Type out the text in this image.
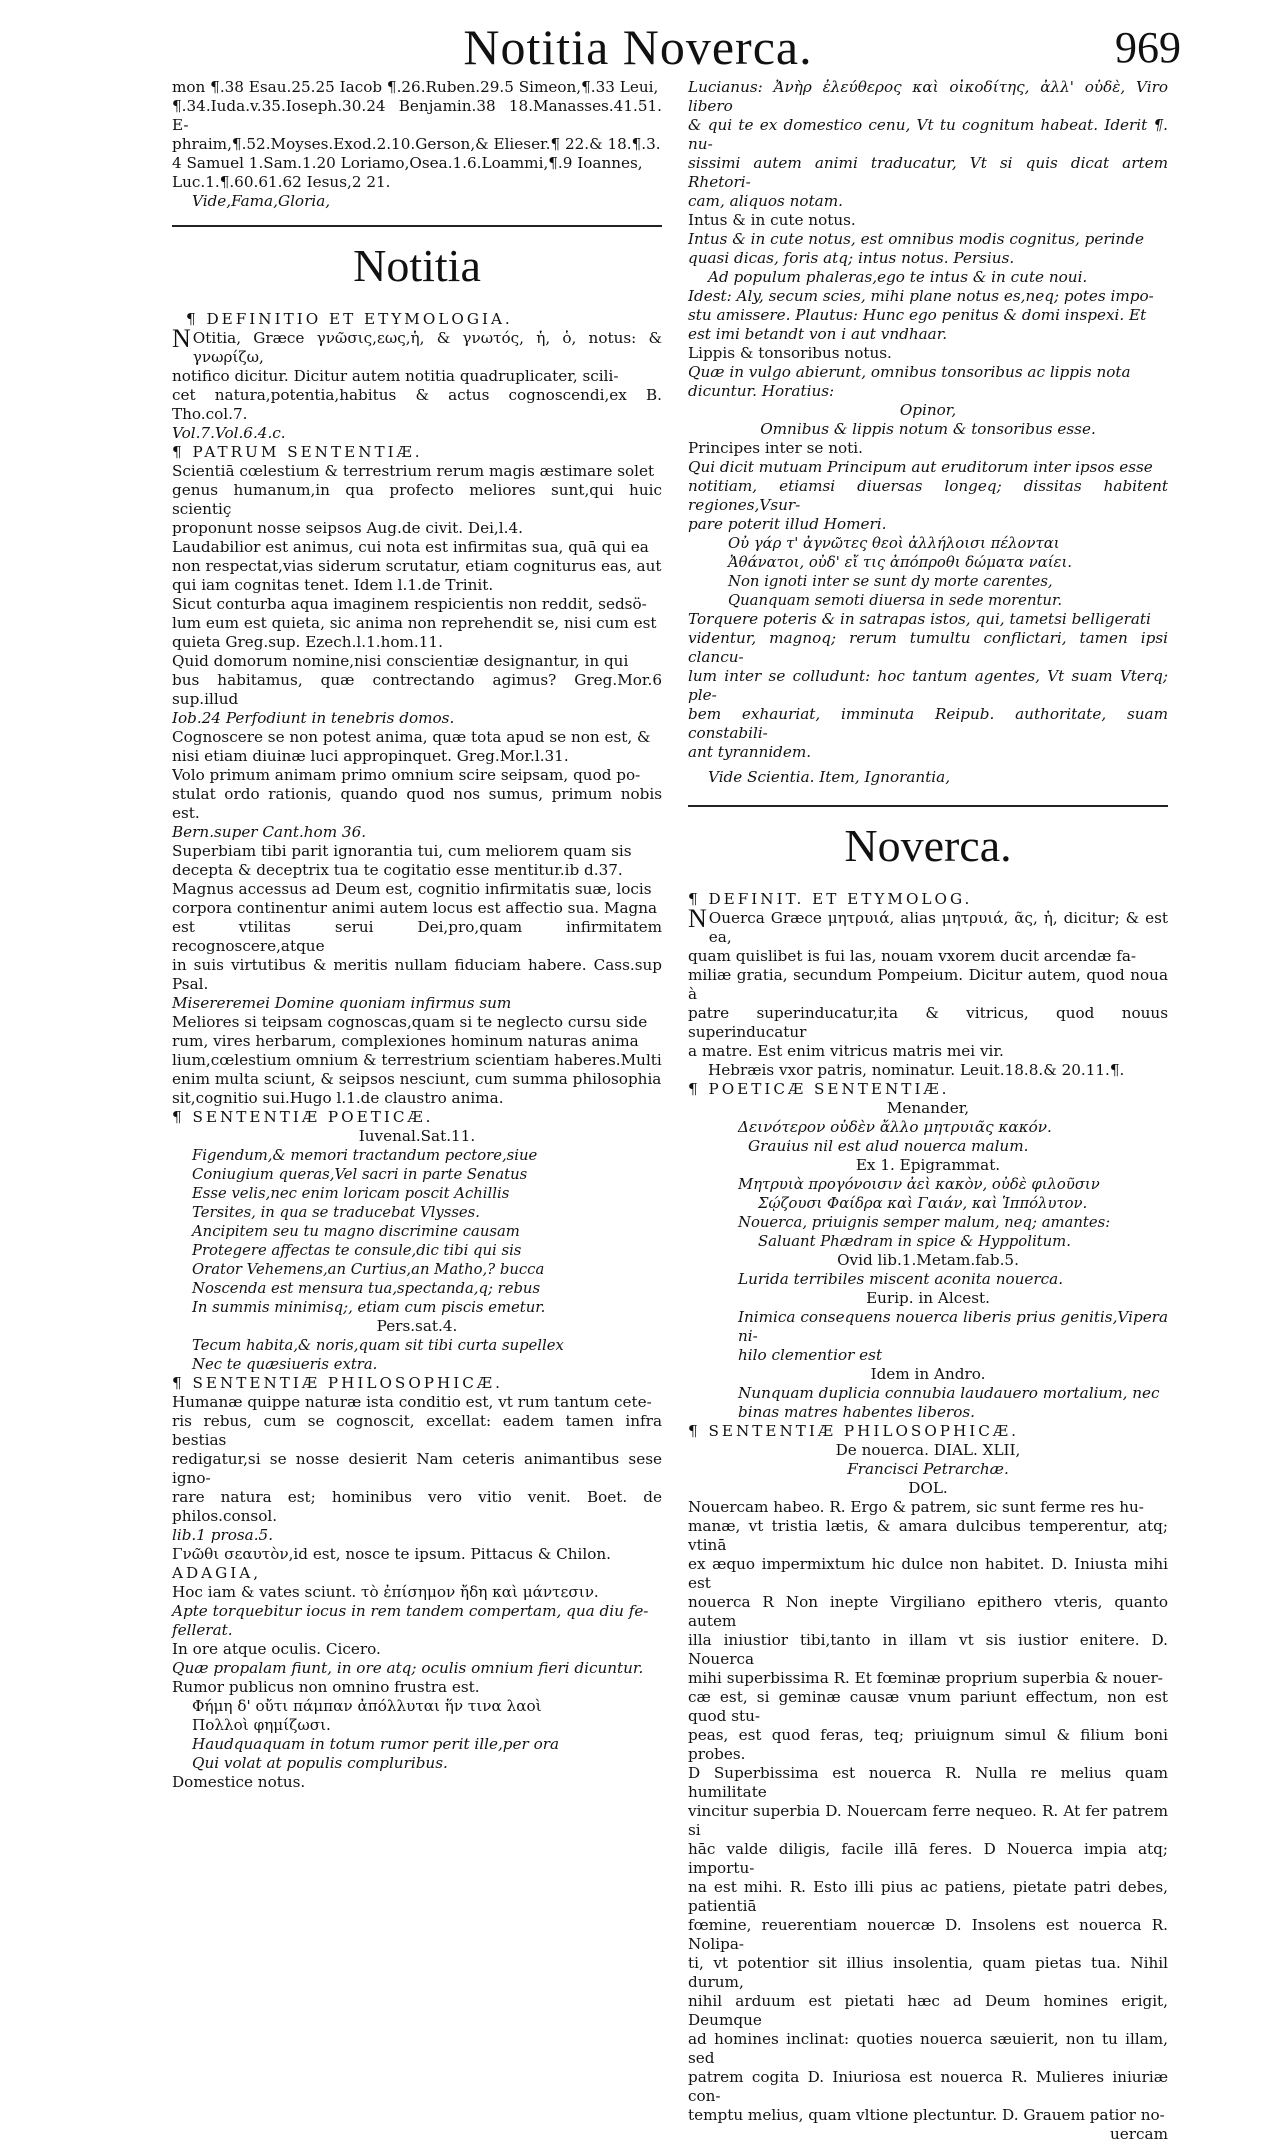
Notitia Noverca.	969

mon ¶.38 Esau.25.25 Iacob ¶.26.Ruben.29.5 Simeon,¶.33 Leui,

¶.34.Iuda.v.35.Ioseph.30.24 Benjamin.38 18.Manasses.41.51. E-

phraim,¶.52.Moyses.Exod.2.10.Gerson,& Elieser.¶ 22.& 18.¶.3.

4 Samuel 1.Sam.1.20 Loriamo,Osea.1.6.Loammi,¶.9 Ioannes,

Luc.1.¶.60.61.62 Iesus,2 21.

Vide,Fama,Gloria,

Notitia

¶ DEFINITIO ET ETYMOLOGIA.

N Otitia, Græce γνῶσις,εως,ἡ, & γνωτός, ἡ, ὁ, notus: & γνωρίζω,

notifico dicitur. Dicitur autem notitia quadruplicater, scili-

cet natura,potentia,habitus & actus cognoscendi,ex B. Tho.col.7.

Vol.7.Vol.6.4.c.

¶ PATRUM SENTENTIÆ.

Scientiā cœlestium & terrestrium rerum magis æstimare solet

genus humanum,in qua profecto meliores sunt,qui huic scientiç

proponunt nosse seipsos Aug.de civit. Dei,l.4.

Laudabilior est animus, cui nota est infirmitas sua, quā qui ea

non respectat,vias siderum scrutatur, etiam cogniturus eas, aut

qui iam cognitas tenet. Idem l.1.de Trinit.

Sicut conturba aqua imaginem respicientis non reddit, sedsö-

lum eum est quieta, sic anima non reprehendit se, nisi cum est

quieta Greg.sup. Ezech.l.1.hom.11.

Quid domorum nomine,nisi conscientiæ designantur, in qui

bus habitamus, quæ contrectando agimus? Greg.Mor.6 sup.illud

Iob.24 Perfodiunt in tenebris domos.

Cognoscere se non potest anima, quæ tota apud se non est, &

nisi etiam diuinæ luci appropinquet. Greg.Mor.l.31.

Volo primum animam primo omnium scire seipsam, quod po-

stulat ordo rationis, quando quod nos sumus, primum nobis est.

Bern.super Cant.hom 36.

Superbiam tibi parit ignorantia tui, cum meliorem quam sis

decepta & deceptrix tua te cogitatio esse mentitur.ib d.37.

Magnus accessus ad Deum est, cognitio infirmitatis suæ, locis

corpora continentur animi autem locus est affectio sua. Magna

est vtilitas serui Dei,pro,quam infirmitatem recognoscere,atque

in suis virtutibus & meritis nullam fiduciam habere. Cass.sup Psal.

Misereremei Domine quoniam infirmus sum

Meliores si teipsam cognoscas,quam si te neglecto cursu side

rum, vires herbarum, complexiones hominum naturas anima

lium,cœlestium omnium & terrestrium scientiam haberes.Multi

enim multa sciunt, & seipsos nesciunt, cum summa philosophia

sit,cognitio sui.Hugo l.1.de claustro anima.

¶ SENTENTIÆ POETICÆ.

Iuvenal.Sat.11.

Figendum,& memori tractandum pectore,siue

Coniugium queras,Vel sacri in parte Senatus

Esse velis,nec enim loricam poscit Achillis

Tersites, in qua se traducebat Vlysses.

Ancipitem seu tu magno discrimine causam

Protegere affectas te consule,dic tibi qui sis

Orator Vehemens,an Curtius,an Matho,? bucca

Noscenda est mensura tua,spectanda,q; rebus

In summis minimisq;, etiam cum piscis emetur.

Pers.sat.4.

Tecum habita,& noris,quam sit tibi curta supellex

Nec te quæsiueris extra.

¶ SENTENTIÆ PHILOSOPHICÆ.

Humanæ quippe naturæ ista conditio est, vt rum tantum cete-

ris rebus, cum se cognoscit, excellat: eadem tamen infra bestias

redigatur,si se nosse desierit Nam ceteris animantibus sese igno-

rare natura est; hominibus vero vitio venit. Boet. de philos.consol.

lib.1 prosa.5.

Γνῶθι σεαυτὸν,id est, nosce te ipsum. Pittacus & Chilon.

ADAGIA,

Hoc iam & vates sciunt. τὸ ἐπίσημον ἤδη καὶ μάντεσιν.

Apte torquebitur iocus in rem tandem compertam, qua diu fe-

fellerat.

In ore atque oculis. Cicero.

Quæ propalam fiunt, in ore atq; oculis omnium fieri dicuntur.

Rumor publicus non omnino frustra est.

Φήμη δ' οὔτι πάμπαν ἀπόλλυται ἥν τινα λαοὶ

Πολλοὶ φημίζωσι.

Haudquaquam in totum rumor perit ille,per ora

Qui volat at populis compluribus.

Domestice notus.

Lucianus: Ἀνὴρ ἐλεύθερος καὶ οἰκοδίτης, ἀλλ' οὐδὲ, Viro libero

& qui te ex domestico cenu, Vt tu cognitum habeat. Iderit ¶. nu-

sissimi autem animi traducatur, Vt si quis dicat artem Rhetori-

cam, aliquos notam.

Intus & in cute notus.

Intus & in cute notus, est omnibus modis cognitus, perinde

quasi dicas, foris atq; intus notus. Persius.

Ad populum phaleras,ego te intus & in cute noui.

Idest: Aly, secum scies, mihi plane notus es,neq; potes impo-

stu amissere. Plautus: Hunc ego penitus & domi inspexi. Et

est imi betandt von i aut vndhaar.

Lippis & tonsoribus notus.

Quæ in vulgo abierunt, omnibus tonsoribus ac lippis nota

dicuntur. Horatius:

Opinor,

Omnibus & lippis notum & tonsoribus esse.

Principes inter se noti.

Qui dicit mutuam Principum aut eruditorum inter ipsos esse

notitiam, etiamsi diuersas longeq; dissitas habitent regiones,Vsur-

pare poterit illud Homeri.

Οὐ γάρ τ' ἀγνῶτες θεοὶ ἀλλήλοισι πέλονται

Ἀθάνατοι, οὐδ' εἴ τις ἀπόπροθι δώματα ναίει.

Non ignoti inter se sunt dy morte carentes,

Quanquam semoti diuersa in sede morentur.

Torquere poteris & in satrapas istos, qui, tametsi belligerati

videntur, magnoq; rerum tumultu conflictari, tamen ipsi clancu-

lum inter se colludunt: hoc tantum agentes, Vt suam Vterq; ple-

bem exhauriat, imminuta Reipub. authoritate, suam constabili-

ant tyrannidem.

Vide Scientia. Item, Ignorantia,

Noverca.

¶ DEFINIT. ET ETYMOLOG.

N Ouerca Græce μητρυιά, alias μητρυιά, ᾶς, ἡ, dicitur; & est ea,

quam quislibet is fui las, nouam vxorem ducit arcendæ fa-

miliæ gratia, secundum Pompeium. Dicitur autem, quod noua à

patre superinducatur,ita & vitricus, quod nouus superinducatur

a matre. Est enim vitricus matris mei vir.

Hebræis vxor patris, nominatur. Leuit.18.8.& 20.11.¶.

¶ POETICÆ SENTENTIÆ.

Menander,

Δεινότερον οὐδὲν ἄλλο μητρυιᾶς κακόν.

Grauius nil est alud nouerca malum.

Ex 1. Epigrammat.

Μητρυιὰ προγόνοισιν ἀεὶ κακὸν, οὐδὲ φιλοῦσιν

Σῴζουσι Φαίδρα καὶ Γαιάν, καὶ Ἱππόλυτον.

Nouerca, priuignis semper malum, neq; amantes:

Saluant Phædram in spice & Hyppolitum.

Ovid lib.1.Metam.fab.5.

Lurida terribiles miscent aconita nouerca.

Eurip. in Alcest.

Inimica consequens nouerca liberis prius genitis,Vipera ni-

hilo clementior est

Idem in Andro.

Nunquam duplicia connubia laudauero mortalium, nec

binas matres habentes liberos.

¶ SENTENTIÆ PHILOSOPHICÆ.

De nouerca. DIAL. XLII,

Francisci Petrarchæ.

DOL.

Nouercam habeo. R. Ergo & patrem, sic sunt ferme res hu-

manæ, vt tristia lætis, & amara dulcibus temperentur, atq; vtinā

ex æquo impermixtum hic dulce non habitet. D. Iniusta mihi est

nouerca R Non inepte Virgiliano epithero vteris, quanto autem

illa iniustior tibi,tanto in illam vt sis iustior enitere. D. Nouerca

mihi superbissima R. Et fœminæ proprium superbia & nouer-

cæ est, si geminæ causæ vnum pariunt effectum, non est quod stu-

peas, est quod feras, teq; priuignum simul & filium boni probes.

D Superbissima est nouerca R. Nulla re melius quam humilitate

vincitur superbia D. Nouercam ferre nequeo. R. At fer patrem si

hāc valde diligis, facile illā feres. D Nouerca impia atq; importu-

na est mihi. R. Esto illi pius ac patiens, pietate patri debes, patientiā

fœmine, reuerentiam nouercæ D. Insolens est nouerca R. Nolipa-

ti, vt potentior sit illius insolentia, quam pietas tua. Nihil durum,

nihil arduum est pietati hæc ad Deum homines erigit, Deumque

ad homines inclinat: quoties nouerca sæuierit, non tu illam, sed

patrem cogita D. Iniuriosa est nouerca R. Mulieres iniuriæ con-

temptu melius, quam vltione plectuntur. D. Grauem patior no-

uercam
